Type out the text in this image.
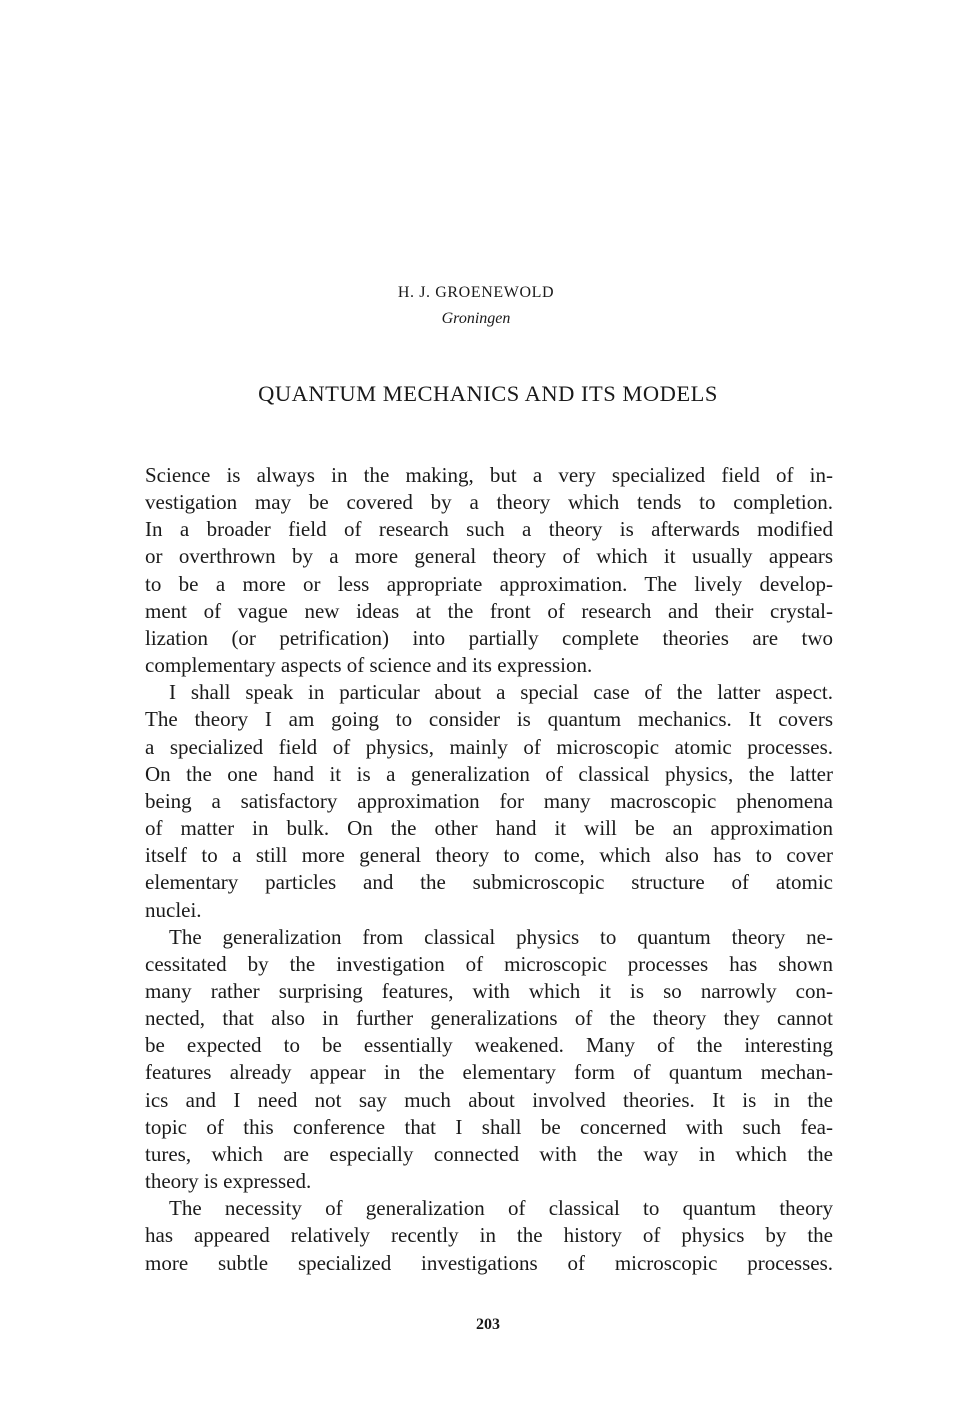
H. J. GROENEWOLD
Groningen
QUANTUM MECHANICS AND ITS MODELS
Science is always in the making, but a very specialized field of in-
vestigation may be covered by a theory which tends to completion.
In a broader field of research such a theory is afterwards modified
or overthrown by a more general theory of which it usually appears
to be a more or less appropriate approximation. The lively develop-
ment of vague new ideas at the front of research and their crystal-
lization (or petrification) into partially complete theories are two
complementary aspects of science and its expression.
I shall speak in particular about a special case of the latter aspect.
The theory I am going to consider is quantum mechanics. It covers
a specialized field of physics, mainly of microscopic atomic processes.
On the one hand it is a generalization of classical physics, the latter
being a satisfactory approximation for many macroscopic phenomena
of matter in bulk. On the other hand it will be an approximation
itself to a still more general theory to come, which also has to cover
elementary particles and the submicroscopic structure of atomic
nuclei.
The generalization from classical physics to quantum theory ne-
cessitated by the investigation of microscopic processes has shown
many rather surprising features, with which it is so narrowly con-
nected, that also in further generalizations of the theory they cannot
be expected to be essentially weakened. Many of the interesting
features already appear in the elementary form of quantum mechan-
ics and I need not say much about involved theories. It is in the
topic of this conference that I shall be concerned with such fea-
tures, which are especially connected with the way in which the
theory is expressed.
The necessity of generalization of classical to quantum theory
has appeared relatively recently in the history of physics by the
more subtle specialized investigations of microscopic processes.
203
